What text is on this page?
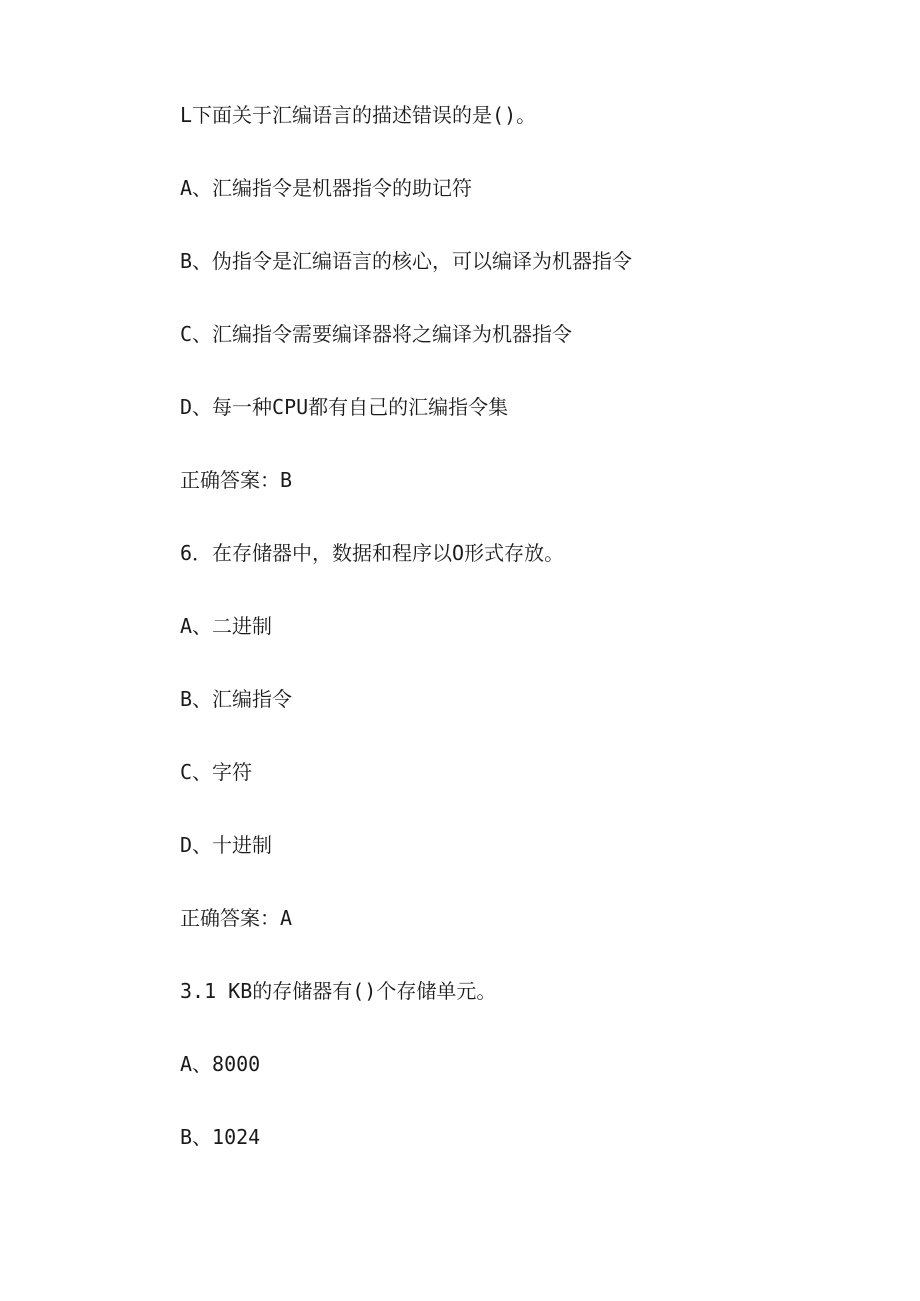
L下面关于汇编语言的描述错误的是()。
A、汇编指令是机器指令的助记符
B、伪指令是汇编语言的核心，可以编译为机器指令
C、汇编指令需要编译器将之编译为机器指令
D、每一种CPU都有自己的汇编指令集
正确答案：B
6．在存储器中，数据和程序以O形式存放。
A、二进制
B、汇编指令
C、字符
D、十进制
正确答案：A
3.1 KB的存储器有()个存储单元。
A、8000
B、1024
